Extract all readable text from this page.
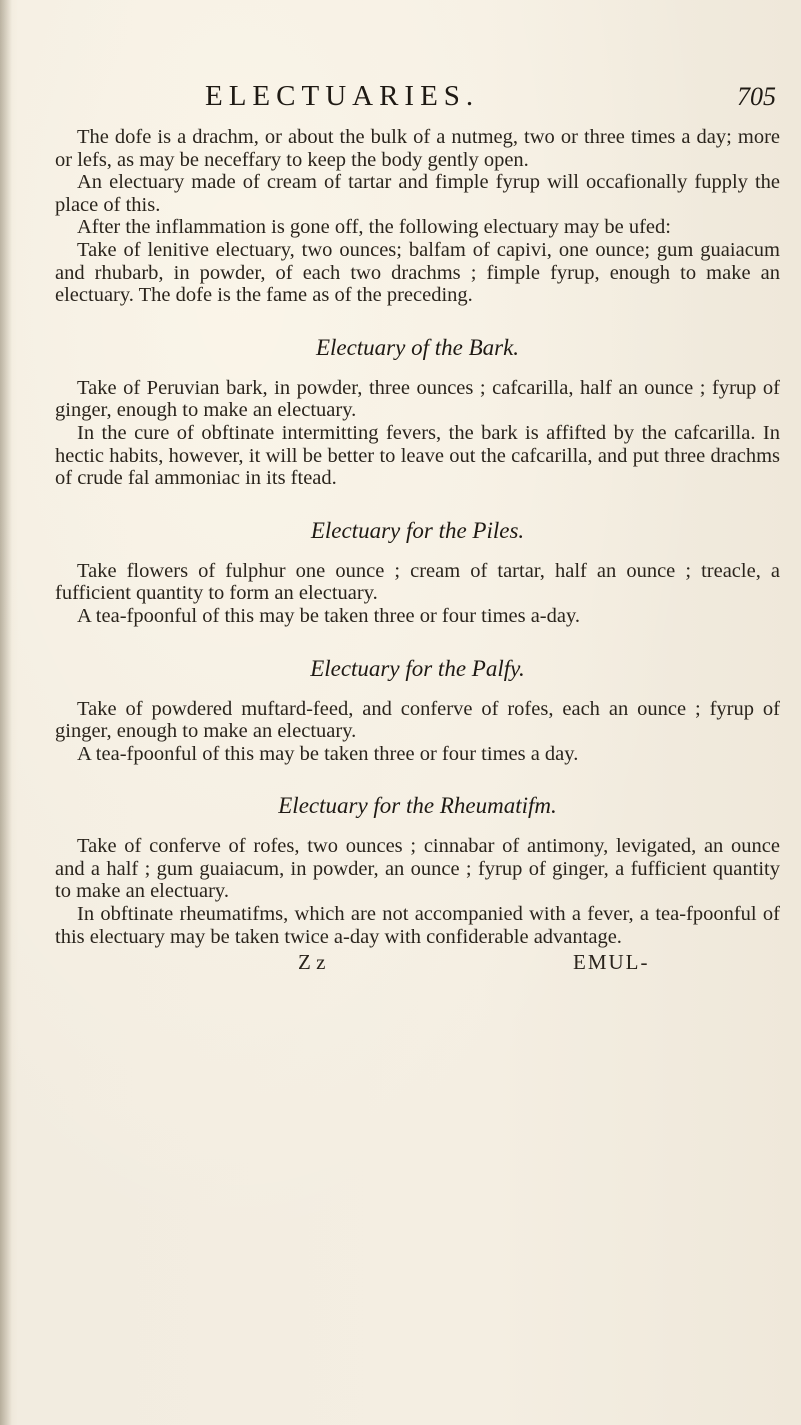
ELECTUARIES.	705

The dofe is a drachm, or about the bulk of a nutmeg, two or three times a day; more or lefs, as may be neceffary to keep the body gently open.

An electuary made of cream of tartar and fimple fyrup will occafionally fupply the place of this.

After the inflammation is gone off, the following electuary may be ufed:

Take of lenitive electuary, two ounces; balfam of capivi, one ounce; gum guaiacum and rhubarb, in powder, of each two drachms ; fimple fyrup, enough to make an electuary. The dofe is the fame as of the preceding.

Electuary of the Bark.

Take of Peruvian bark, in powder, three ounces ; cafcarilla, half an ounce ; fyrup of ginger, enough to make an electuary.

In the cure of obftinate intermitting fevers, the bark is affifted by the cafcarilla. In hectic habits, however, it will be better to leave out the cafcarilla, and put three drachms of crude fal ammoniac in its ftead.

Electuary for the Piles.

Take flowers of fulphur one ounce ; cream of tartar, half an ounce ; treacle, a fufficient quantity to form an electuary.

A tea-fpoonful of this may be taken three or four times a-day.

Electuary for the Palfy.

Take of powdered muftard-feed, and conferve of rofes, each an ounce ; fyrup of ginger, enough to make an electuary.

A tea-fpoonful of this may be taken three or four times a day.

Electuary for the Rheumatifm.

Take of conferve of rofes, two ounces ; cinnabar of antimony, levigated, an ounce and a half ; gum guaiacum, in powder, an ounce ; fyrup of ginger, a fufficient quantity to make an electuary.

In obftinate rheumatifms, which are not accompanied with a fever, a tea-fpoonful of this electuary may be taken twice a-day with confiderable advantage.

Z z	EMUL-
